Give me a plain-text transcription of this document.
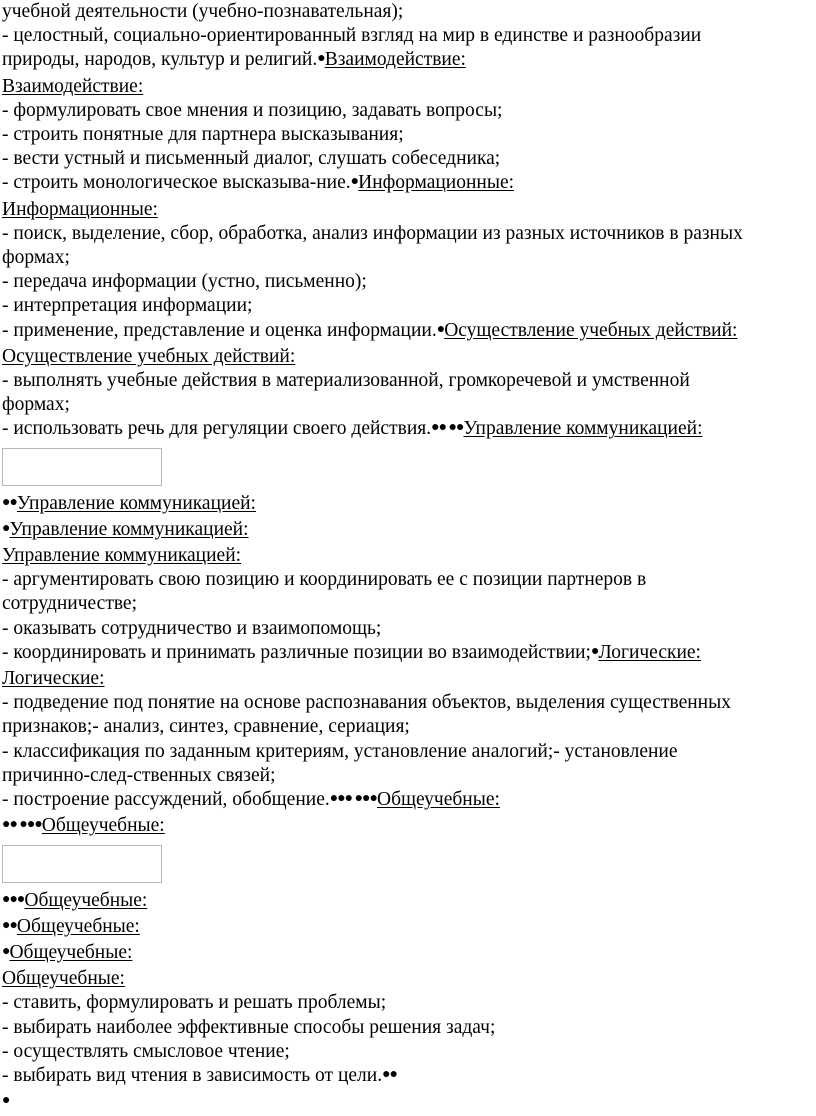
учебной деятельности (учебно-познавательная);
- целостный, социально-ориентированный взгляд на мир в единстве и разнообразии
природы, народов, культур и религий.●Взаимодействие:
Взаимодействие:
- формулировать свое мнения и позицию, задавать вопросы;
- строить понятные для партнера высказывания;
- вести устный и письменный диалог, слушать собеседника;
- строить монологическое высказыва-ние.●Информационные:
Информационные:
- поиск, выделение, сбор, обработка, анализ информации из разных источников в разных
формах;
- передача информации (устно, письменно);
- интерпретация информации;
- применение, представление и оценка информации.●Осуществление учебных действий:
Осуществление учебных действий:
- выполнять учебные действия в материализованной, громкоречевой и умственной
формах;
- использовать речь для регуляции своего действия.●● ●●Управление коммуникацией:
●●Управление коммуникацией:
●Управление коммуникацией:
Управление коммуникацией:
- аргументировать свою позицию и координировать ее с позиции партнеров в
сотрудничестве;
- оказывать сотрудничество и взаимопомощь;
- координировать и принимать различные позиции во взаимодействии;●Логические:
Логические:
- подведение под понятие на основе распознавания объектов, выделения существенных
признаков;- анализ, синтез, сравнение, сериация;
- классификация по заданным критериям, установление аналогий;- установление
причинно-след-ственных связей;
- построение рассуждений, обобщение.●●● ●●●Общеучебные:
●● ●●●Общеучебные:
●●●Общеучебные:
●●Общеучебные:
●Общеучебные:
Общеучебные:
- ставить, формулировать и решать проблемы;
- выбирать наиболее эффективные способы решения задач;
- осуществлять смысловое чтение;
- выбирать вид чтения в зависимость от цели.●●
●
